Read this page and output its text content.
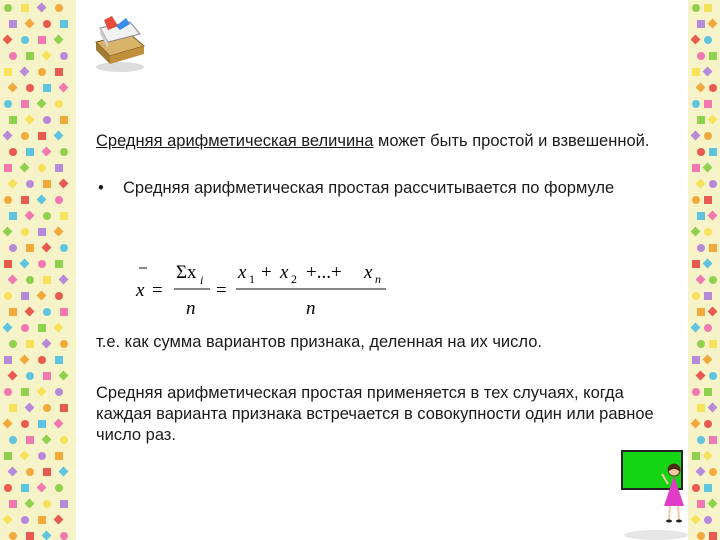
Средняя арифметическая величина может быть простой и взвешенной.
• Средняя арифметическая простая рассчитывается по формуле
x =
Σx i
n
=
x 1 + x 2 +...+ x n
n
т.е. как сумма вариантов признака, деленная на их число.
Средняя арифметическая простая применяется в тех случаях, когда каждая варианта признака встречается в совокупности один или равное число раз.
